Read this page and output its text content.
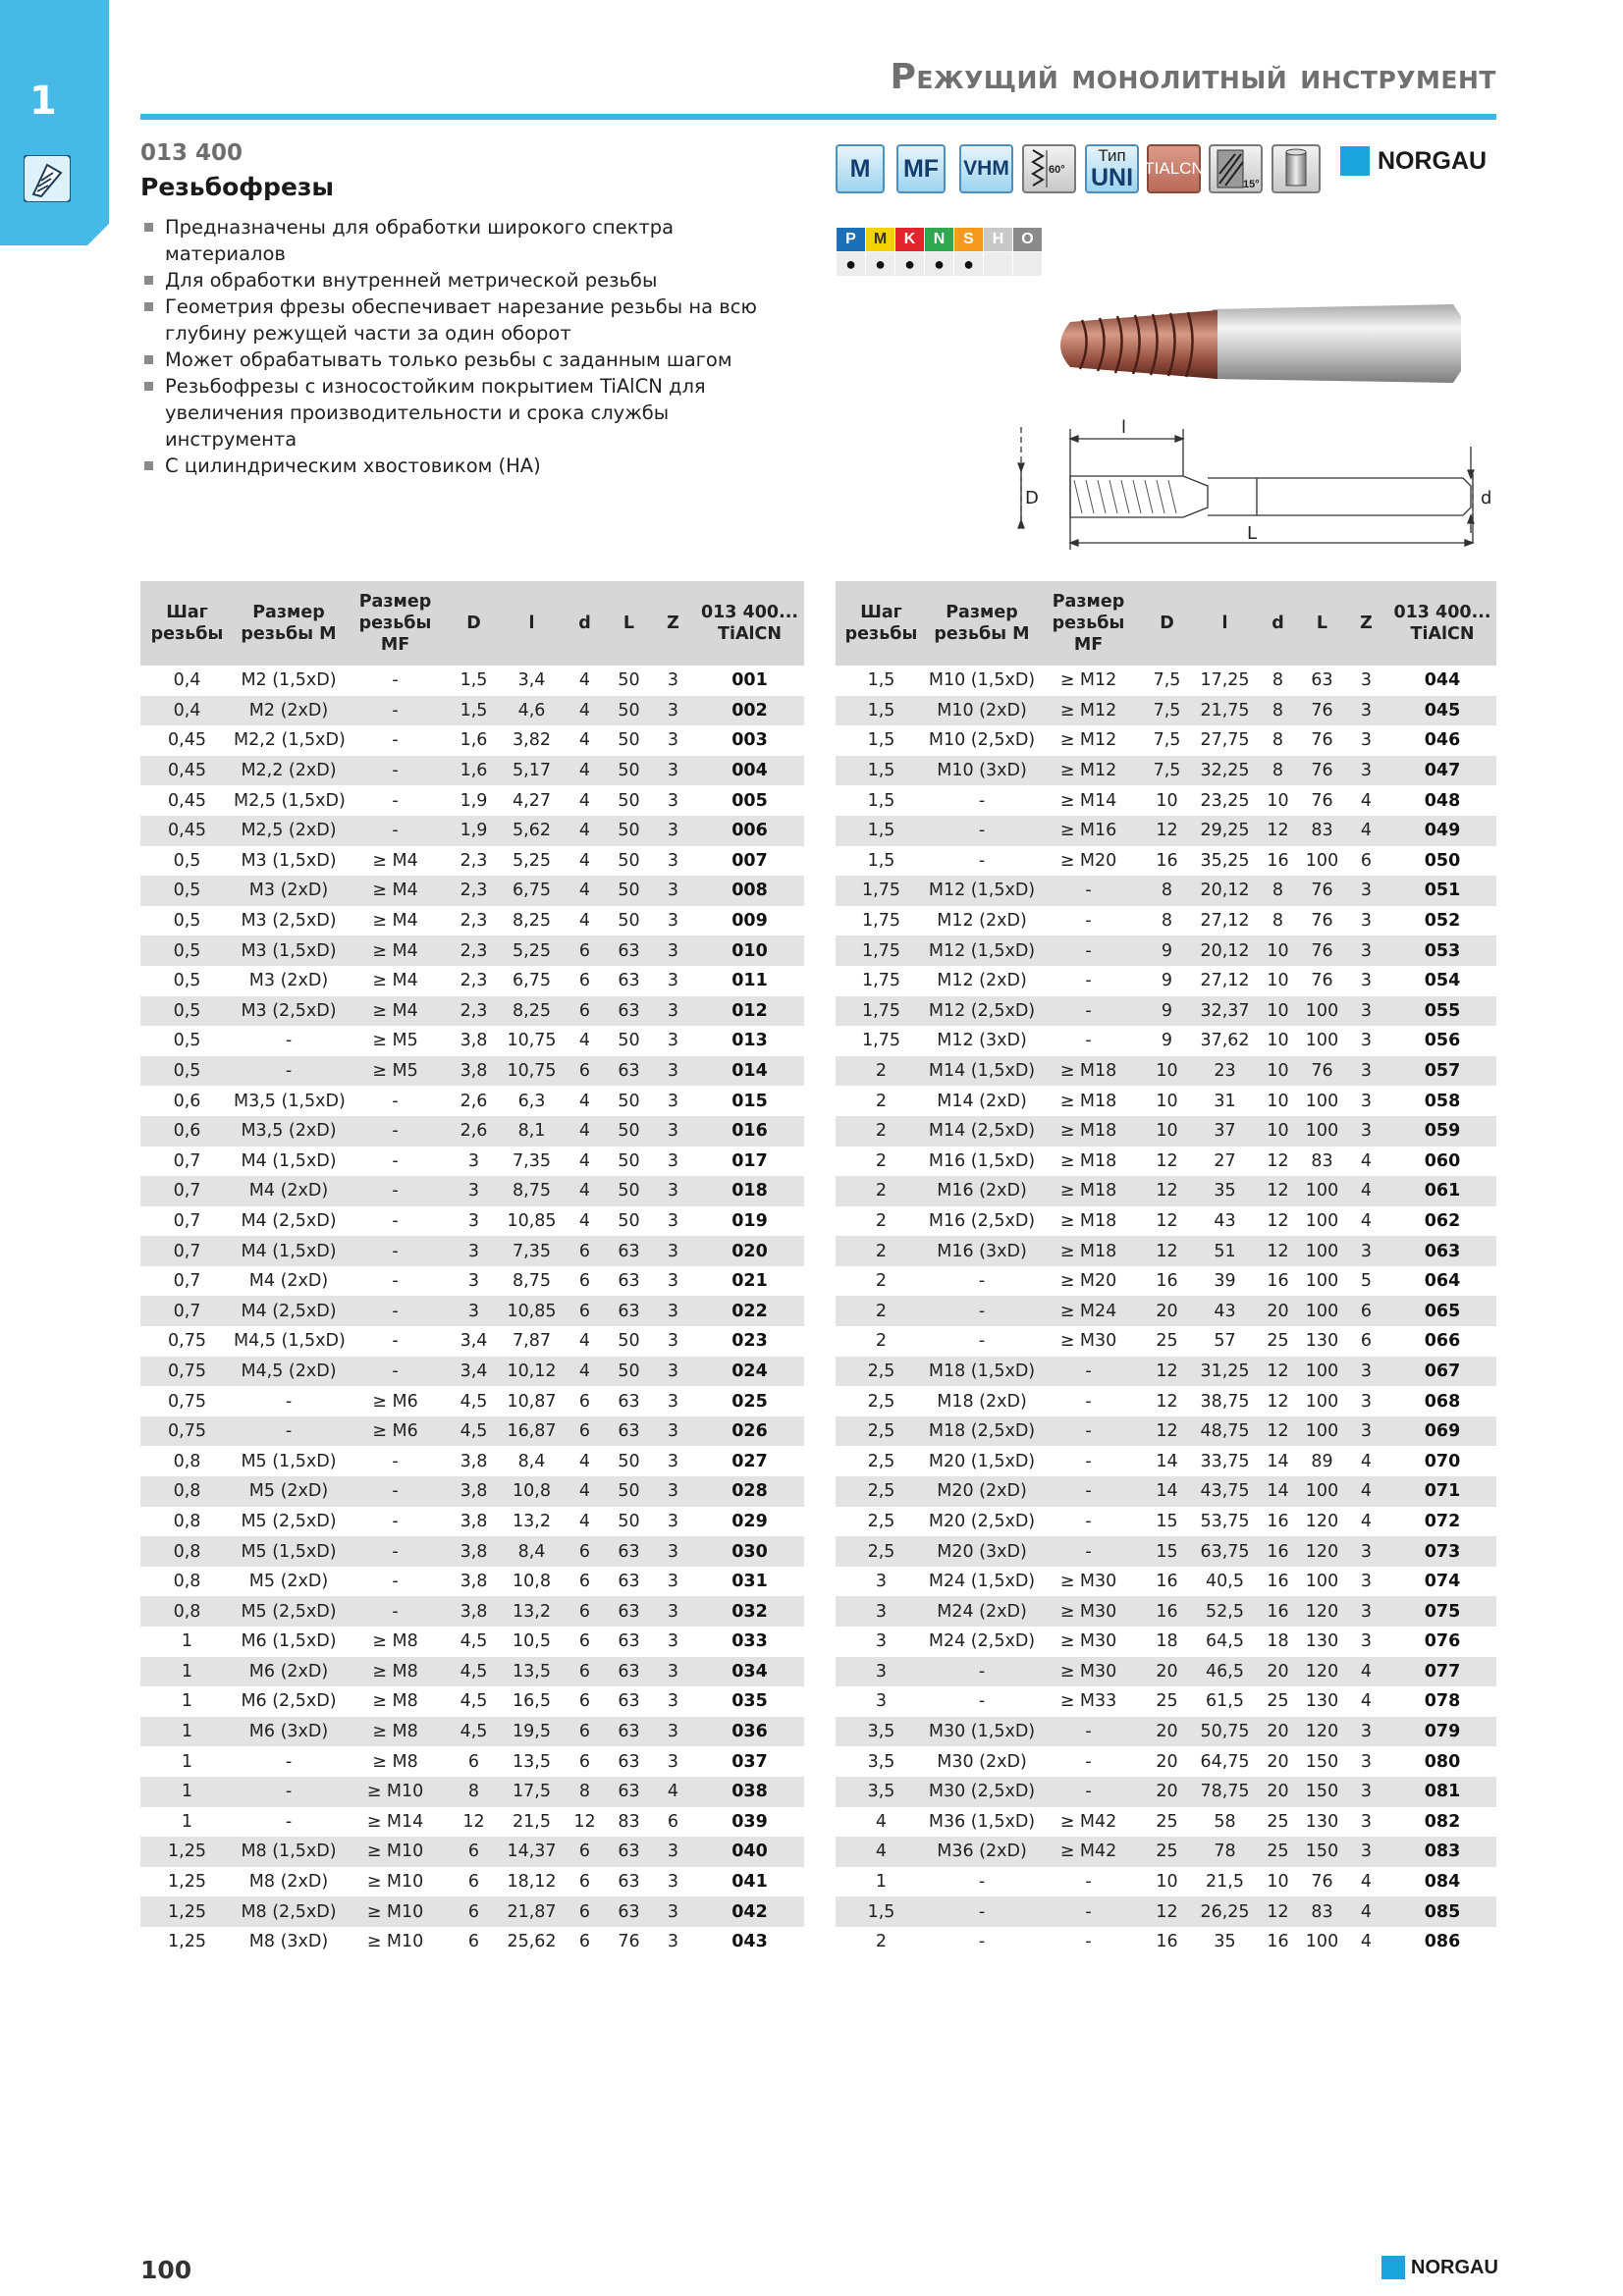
1
Режущий монолитный инструмент
013 400
Резьбофрезы
Предназначены для обработки широкого спектра материалов
Для обработки внутренней метрической резьбы
Геометрия фрезы обеспечивает нарезание резьбы на всю глубину режущей части за один оборот
Может обрабатывать только резьбы с заданным шагом
Резьбофрезы с износостойким покрытием TiAlCN для увеличения производительности и срока службы инструмента
С цилиндрическим хвостовиком (HA)
M	MF	VHM	60°
Тип
UNI TIALCN
15°
NORGAU
P	M	K	N	S	H	O
●	●	●	●	●		
l
D	d
L
Шаг резьбы	Размер резьбы M	Размер резьбы MF	D	l	d	L	Z	013 400...
TiAlCN
0,4	M2 (1,5xD)	-	1,5	3,4	4	50	3	001
0,4	M2 (2xD)	-	1,5	4,6	4	50	3	002
0,45	M2,2 (1,5xD)	-	1,6	3,82	4	50	3	003
0,45	M2,2 (2xD)	-	1,6	5,17	4	50	3	004
0,45	M2,5 (1,5xD)	-	1,9	4,27	4	50	3	005
0,45	M2,5 (2xD)	-	1,9	5,62	4	50	3	006
0,5	M3 (1,5xD)	≥ M4	2,3	5,25	4	50	3	007
0,5	M3 (2xD)	≥ M4	2,3	6,75	4	50	3	008
0,5	M3 (2,5xD)	≥ M4	2,3	8,25	4	50	3	009
0,5	M3 (1,5xD)	≥ M4	2,3	5,25	6	63	3	010
0,5	M3 (2xD)	≥ M4	2,3	6,75	6	63	3	011
0,5	M3 (2,5xD)	≥ M4	2,3	8,25	6	63	3	012
0,5	-	≥ M5	3,8	10,75	4	50	3	013
0,5	-	≥ M5	3,8	10,75	6	63	3	014
0,6	M3,5 (1,5xD)	-	2,6	6,3	4	50	3	015
0,6	M3,5 (2xD)	-	2,6	8,1	4	50	3	016
0,7	M4 (1,5xD)	-	3	7,35	4	50	3	017
0,7	M4 (2xD)	-	3	8,75	4	50	3	018
0,7	M4 (2,5xD)	-	3	10,85	4	50	3	019
0,7	M4 (1,5xD)	-	3	7,35	6	63	3	020
0,7	M4 (2xD)	-	3	8,75	6	63	3	021
0,7	M4 (2,5xD)	-	3	10,85	6	63	3	022
0,75	M4,5 (1,5xD)	-	3,4	7,87	4	50	3	023
0,75	M4,5 (2xD)	-	3,4	10,12	4	50	3	024
0,75	-	≥ M6	4,5	10,87	6	63	3	025
0,75	-	≥ M6	4,5	16,87	6	63	3	026
0,8	M5 (1,5xD)	-	3,8	8,4	4	50	3	027
0,8	M5 (2xD)	-	3,8	10,8	4	50	3	028
0,8	M5 (2,5xD)	-	3,8	13,2	4	50	3	029
0,8	M5 (1,5xD)	-	3,8	8,4	6	63	3	030
0,8	M5 (2xD)	-	3,8	10,8	6	63	3	031
0,8	M5 (2,5xD)	-	3,8	13,2	6	63	3	032
1	M6 (1,5xD)	≥ M8	4,5	10,5	6	63	3	033
1	M6 (2xD)	≥ M8	4,5	13,5	6	63	3	034
1	M6 (2,5xD)	≥ M8	4,5	16,5	6	63	3	035
1	M6 (3xD)	≥ M8	4,5	19,5	6	63	3	036
1	-	≥ M8	6	13,5	6	63	3	037
1	-	≥ M10	8	17,5	8	63	4	038
1	-	≥ M14	12	21,5	12	83	6	039
1,25	M8 (1,5xD)	≥ M10	6	14,37	6	63	3	040
1,25	M8 (2xD)	≥ M10	6	18,12	6	63	3	041
1,25	M8 (2,5xD)	≥ M10	6	21,87	6	63	3	042
1,25	M8 (3xD)	≥ M10	6	25,62	6	76	3	043
Шаг резьбы	Размер резьбы M	Размер резьбы MF	D	l	d	L	Z	013 400...
TiAlCN
1,5	M10 (1,5xD)	≥ M12	7,5	17,25	8	63	3	044
1,5	M10 (2xD)	≥ M12	7,5	21,75	8	76	3	045
1,5	M10 (2,5xD)	≥ M12	7,5	27,75	8	76	3	046
1,5	M10 (3xD)	≥ M12	7,5	32,25	8	76	3	047
1,5	-	≥ M14	10	23,25	10	76	4	048
1,5	-	≥ M16	12	29,25	12	83	4	049
1,5	-	≥ M20	16	35,25	16	100	6	050
1,75	M12 (1,5xD)	-	8	20,12	8	76	3	051
1,75	M12 (2xD)	-	8	27,12	8	76	3	052
1,75	M12 (1,5xD)	-	9	20,12	10	76	3	053
1,75	M12 (2xD)	-	9	27,12	10	76	3	054
1,75	M12 (2,5xD)	-	9	32,37	10	100	3	055
1,75	M12 (3xD)	-	9	37,62	10	100	3	056
2	M14 (1,5xD)	≥ M18	10	23	10	76	3	057
2	M14 (2xD)	≥ M18	10	31	10	100	3	058
2	M14 (2,5xD)	≥ M18	10	37	10	100	3	059
2	M16 (1,5xD)	≥ M18	12	27	12	83	4	060
2	M16 (2xD)	≥ M18	12	35	12	100	4	061
2	M16 (2,5xD)	≥ M18	12	43	12	100	4	062
2	M16 (3xD)	≥ M18	12	51	12	100	3	063
2	-	≥ M20	16	39	16	100	5	064
2	-	≥ M24	20	43	20	100	6	065
2	-	≥ M30	25	57	25	130	6	066
2,5	M18 (1,5xD)	-	12	31,25	12	100	3	067
2,5	M18 (2xD)	-	12	38,75	12	100	3	068
2,5	M18 (2,5xD)	-	12	48,75	12	100	3	069
2,5	M20 (1,5xD)	-	14	33,75	14	89	4	070
2,5	M20 (2xD)	-	14	43,75	14	100	4	071
2,5	M20 (2,5xD)	-	15	53,75	16	120	4	072
2,5	M20 (3xD)	-	15	63,75	16	120	3	073
3	M24 (1,5xD)	≥ M30	16	40,5	16	100	3	074
3	M24 (2xD)	≥ M30	16	52,5	16	120	3	075
3	M24 (2,5xD)	≥ M30	18	64,5	18	130	3	076
3	-	≥ M30	20	46,5	20	120	4	077
3	-	≥ M33	25	61,5	25	130	4	078
3,5	M30 (1,5xD)	-	20	50,75	20	120	3	079
3,5	M30 (2xD)	-	20	64,75	20	150	3	080
3,5	M30 (2,5xD)	-	20	78,75	20	150	3	081
4	M36 (1,5xD)	≥ M42	25	58	25	130	3	082
4	M36 (2xD)	≥ M42	25	78	25	150	3	083
1	-	-	10	21,5	10	76	4	084
1,5	-	-	12	26,25	12	83	4	085
2	-	-	16	35	16	100	4	086
100	NORGAU
